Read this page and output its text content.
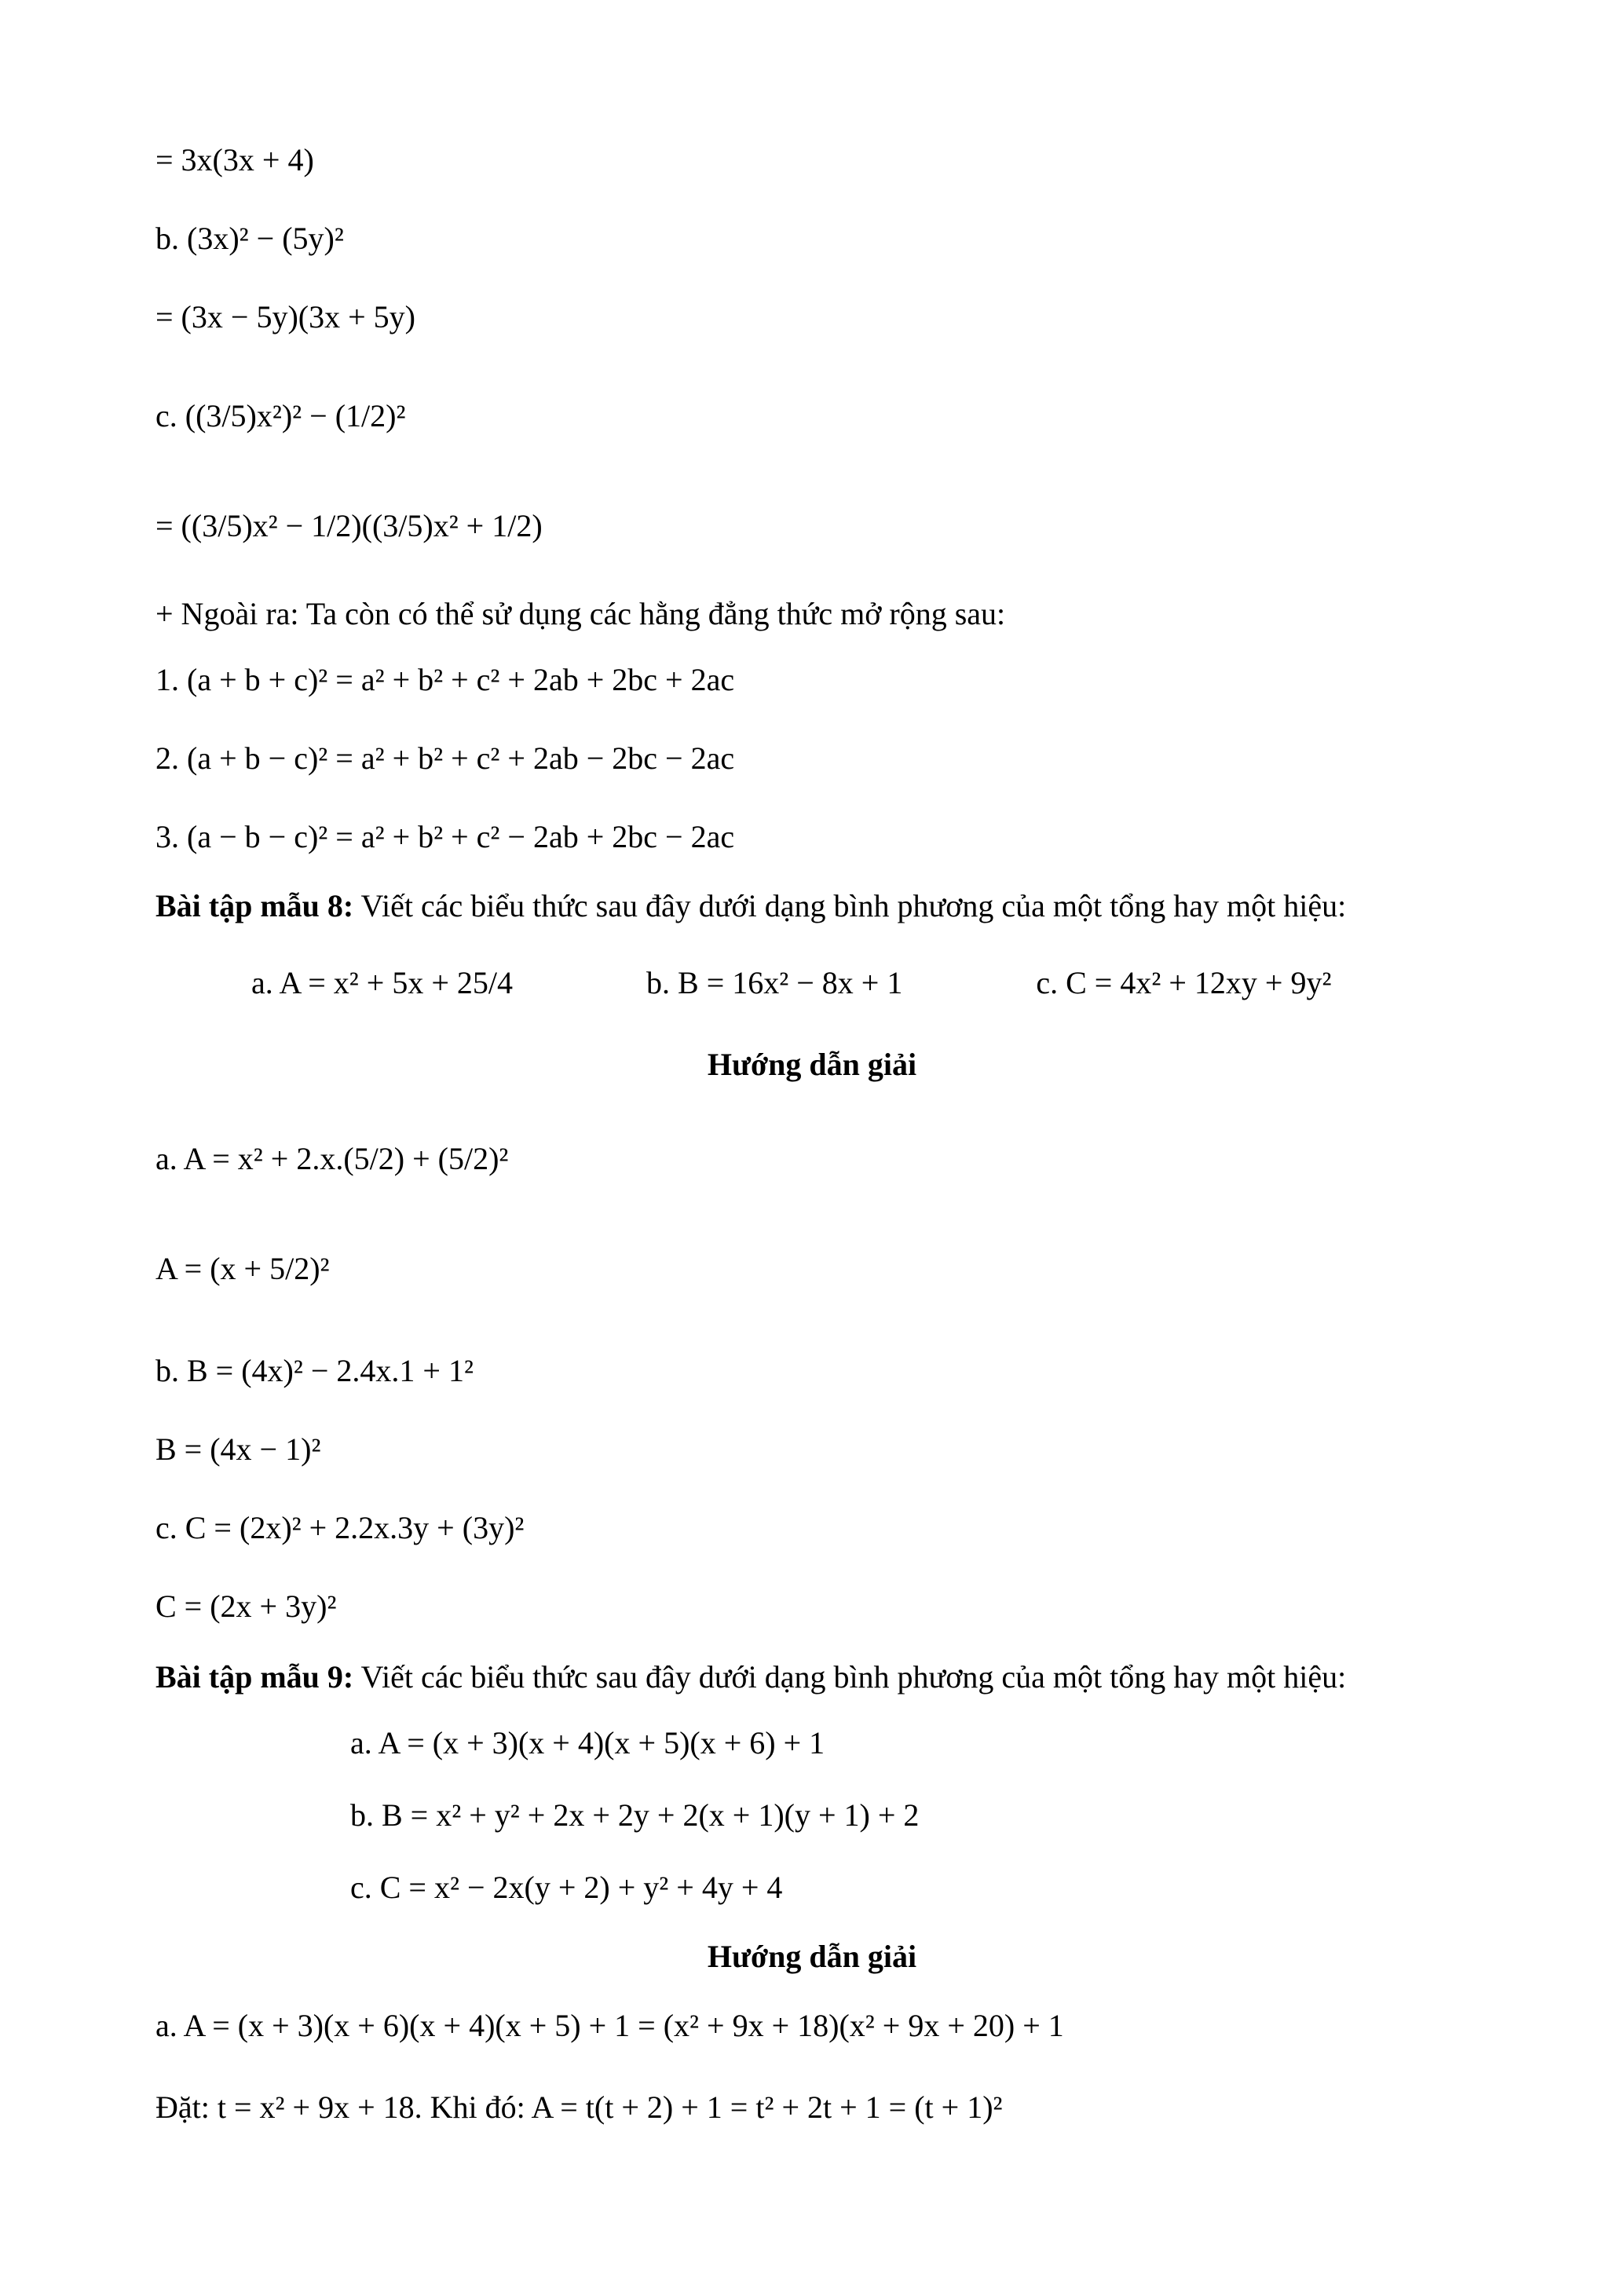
= 3x(3x + 4)
b. (3x)² − (5y)²
= (3x − 5y)(3x + 5y)
c. ((3/5)x²)² − (1/2)²
= ((3/5)x² − 1/2)((3/5)x² + 1/2)
+ Ngoài ra: Ta còn có thể sử dụng các hằng đẳng thức mở rộng sau:
1. (a + b + c)² = a² + b² + c² + 2ab + 2bc + 2ac
2. (a + b − c)² = a² + b² + c² + 2ab − 2bc − 2ac
3. (a − b − c)² = a² + b² + c² − 2ab + 2bc − 2ac
Bài tập mẫu 8: Viết các biểu thức sau đây dưới dạng bình phương của một tổng hay một hiệu:
a. A = x² + 5x + 25/4	b. B = 16x² − 8x + 1	c. C = 4x² + 12xy + 9y²
Hướng dẫn giải
a. A = x² + 2.x.(5/2) + (5/2)²
A = (x + 5/2)²
b. B = (4x)² − 2.4x.1 + 1²
B = (4x − 1)²
c. C = (2x)² + 2.2x.3y + (3y)²
C = (2x + 3y)²
Bài tập mẫu 9: Viết các biểu thức sau đây dưới dạng bình phương của một tổng hay một hiệu:
a. A = (x + 3)(x + 4)(x + 5)(x + 6) + 1
b. B = x² + y² + 2x + 2y + 2(x + 1)(y + 1) + 2
c. C = x² − 2x(y + 2) + y² + 4y + 4
Hướng dẫn giải
a. A = (x + 3)(x + 6)(x + 4)(x + 5) + 1 = (x² + 9x + 18)(x² + 9x + 20) + 1
Đặt: t = x² + 9x + 18. Khi đó: A = t(t + 2) + 1 = t² + 2t + 1 = (t + 1)²
